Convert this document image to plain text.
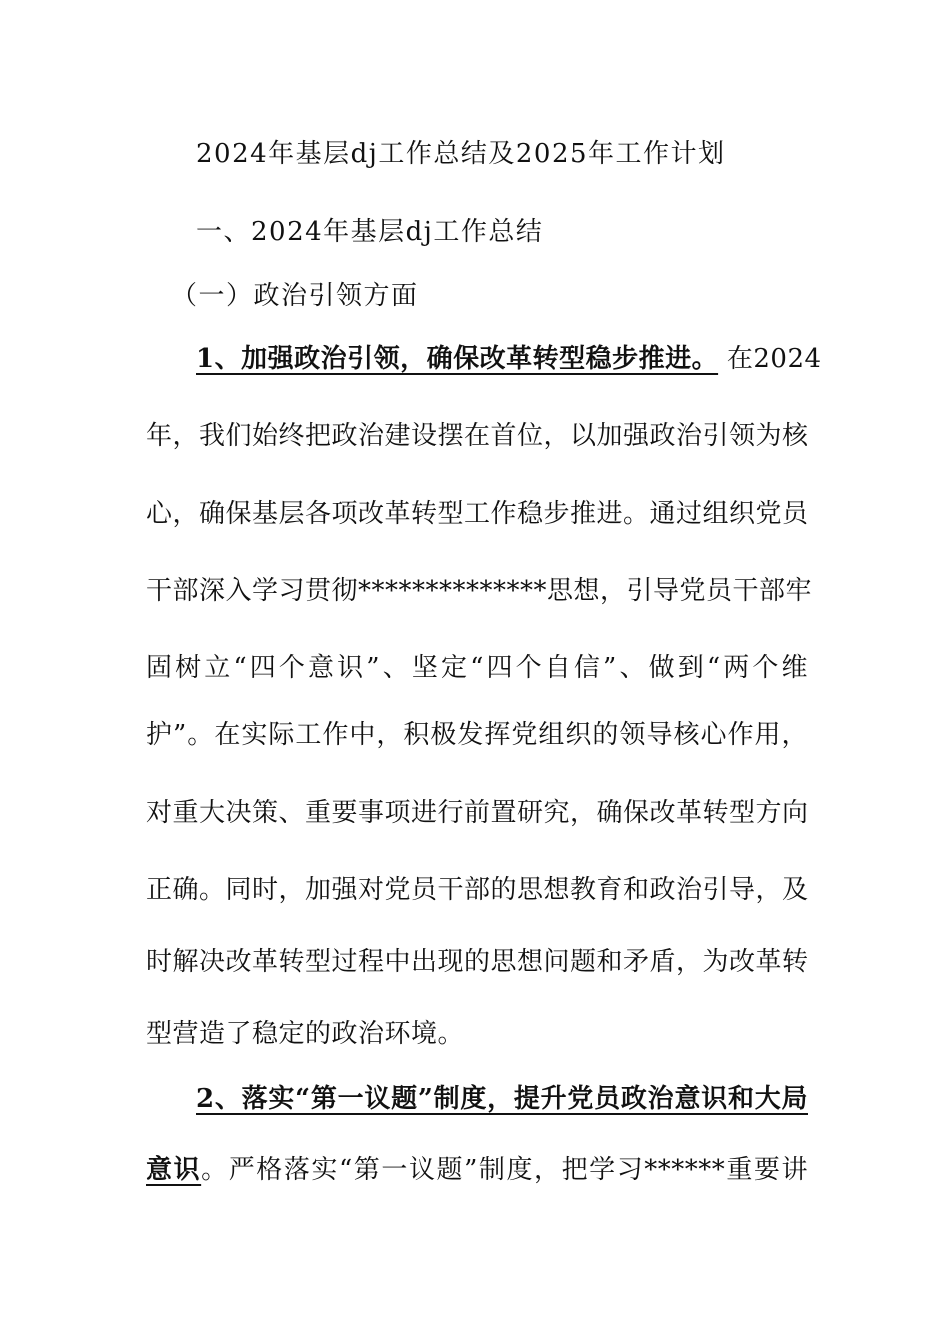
2024年基层dj工作总结及2025年工作计划
一、2024年基层dj工作总结
（一）政治引领方面
1、加强政治引领，确保改革转型稳步推进。 在2024
年，我们始终把政治建设摆在首位，以加强政治引领为核
心，确保基层各项改革转型工作稳步推进。通过组织党员
干部深入学习贯彻**************思想，引导党员干部牢
固树立“四个意识”、坚定“四个自信”、做到“两个维
护”。在实际工作中，积极发挥党组织的领导核心作用，
对重大决策、重要事项进行前置研究，确保改革转型方向
正确。同时，加强对党员干部的思想教育和政治引导，及
时解决改革转型过程中出现的思想问题和矛盾，为改革转
型营造了稳定的政治环境。
2、落实“第一议题”制度，提升党员政治意识和大局
意识。严格落实“第一议题”制度，把学习******重要讲
